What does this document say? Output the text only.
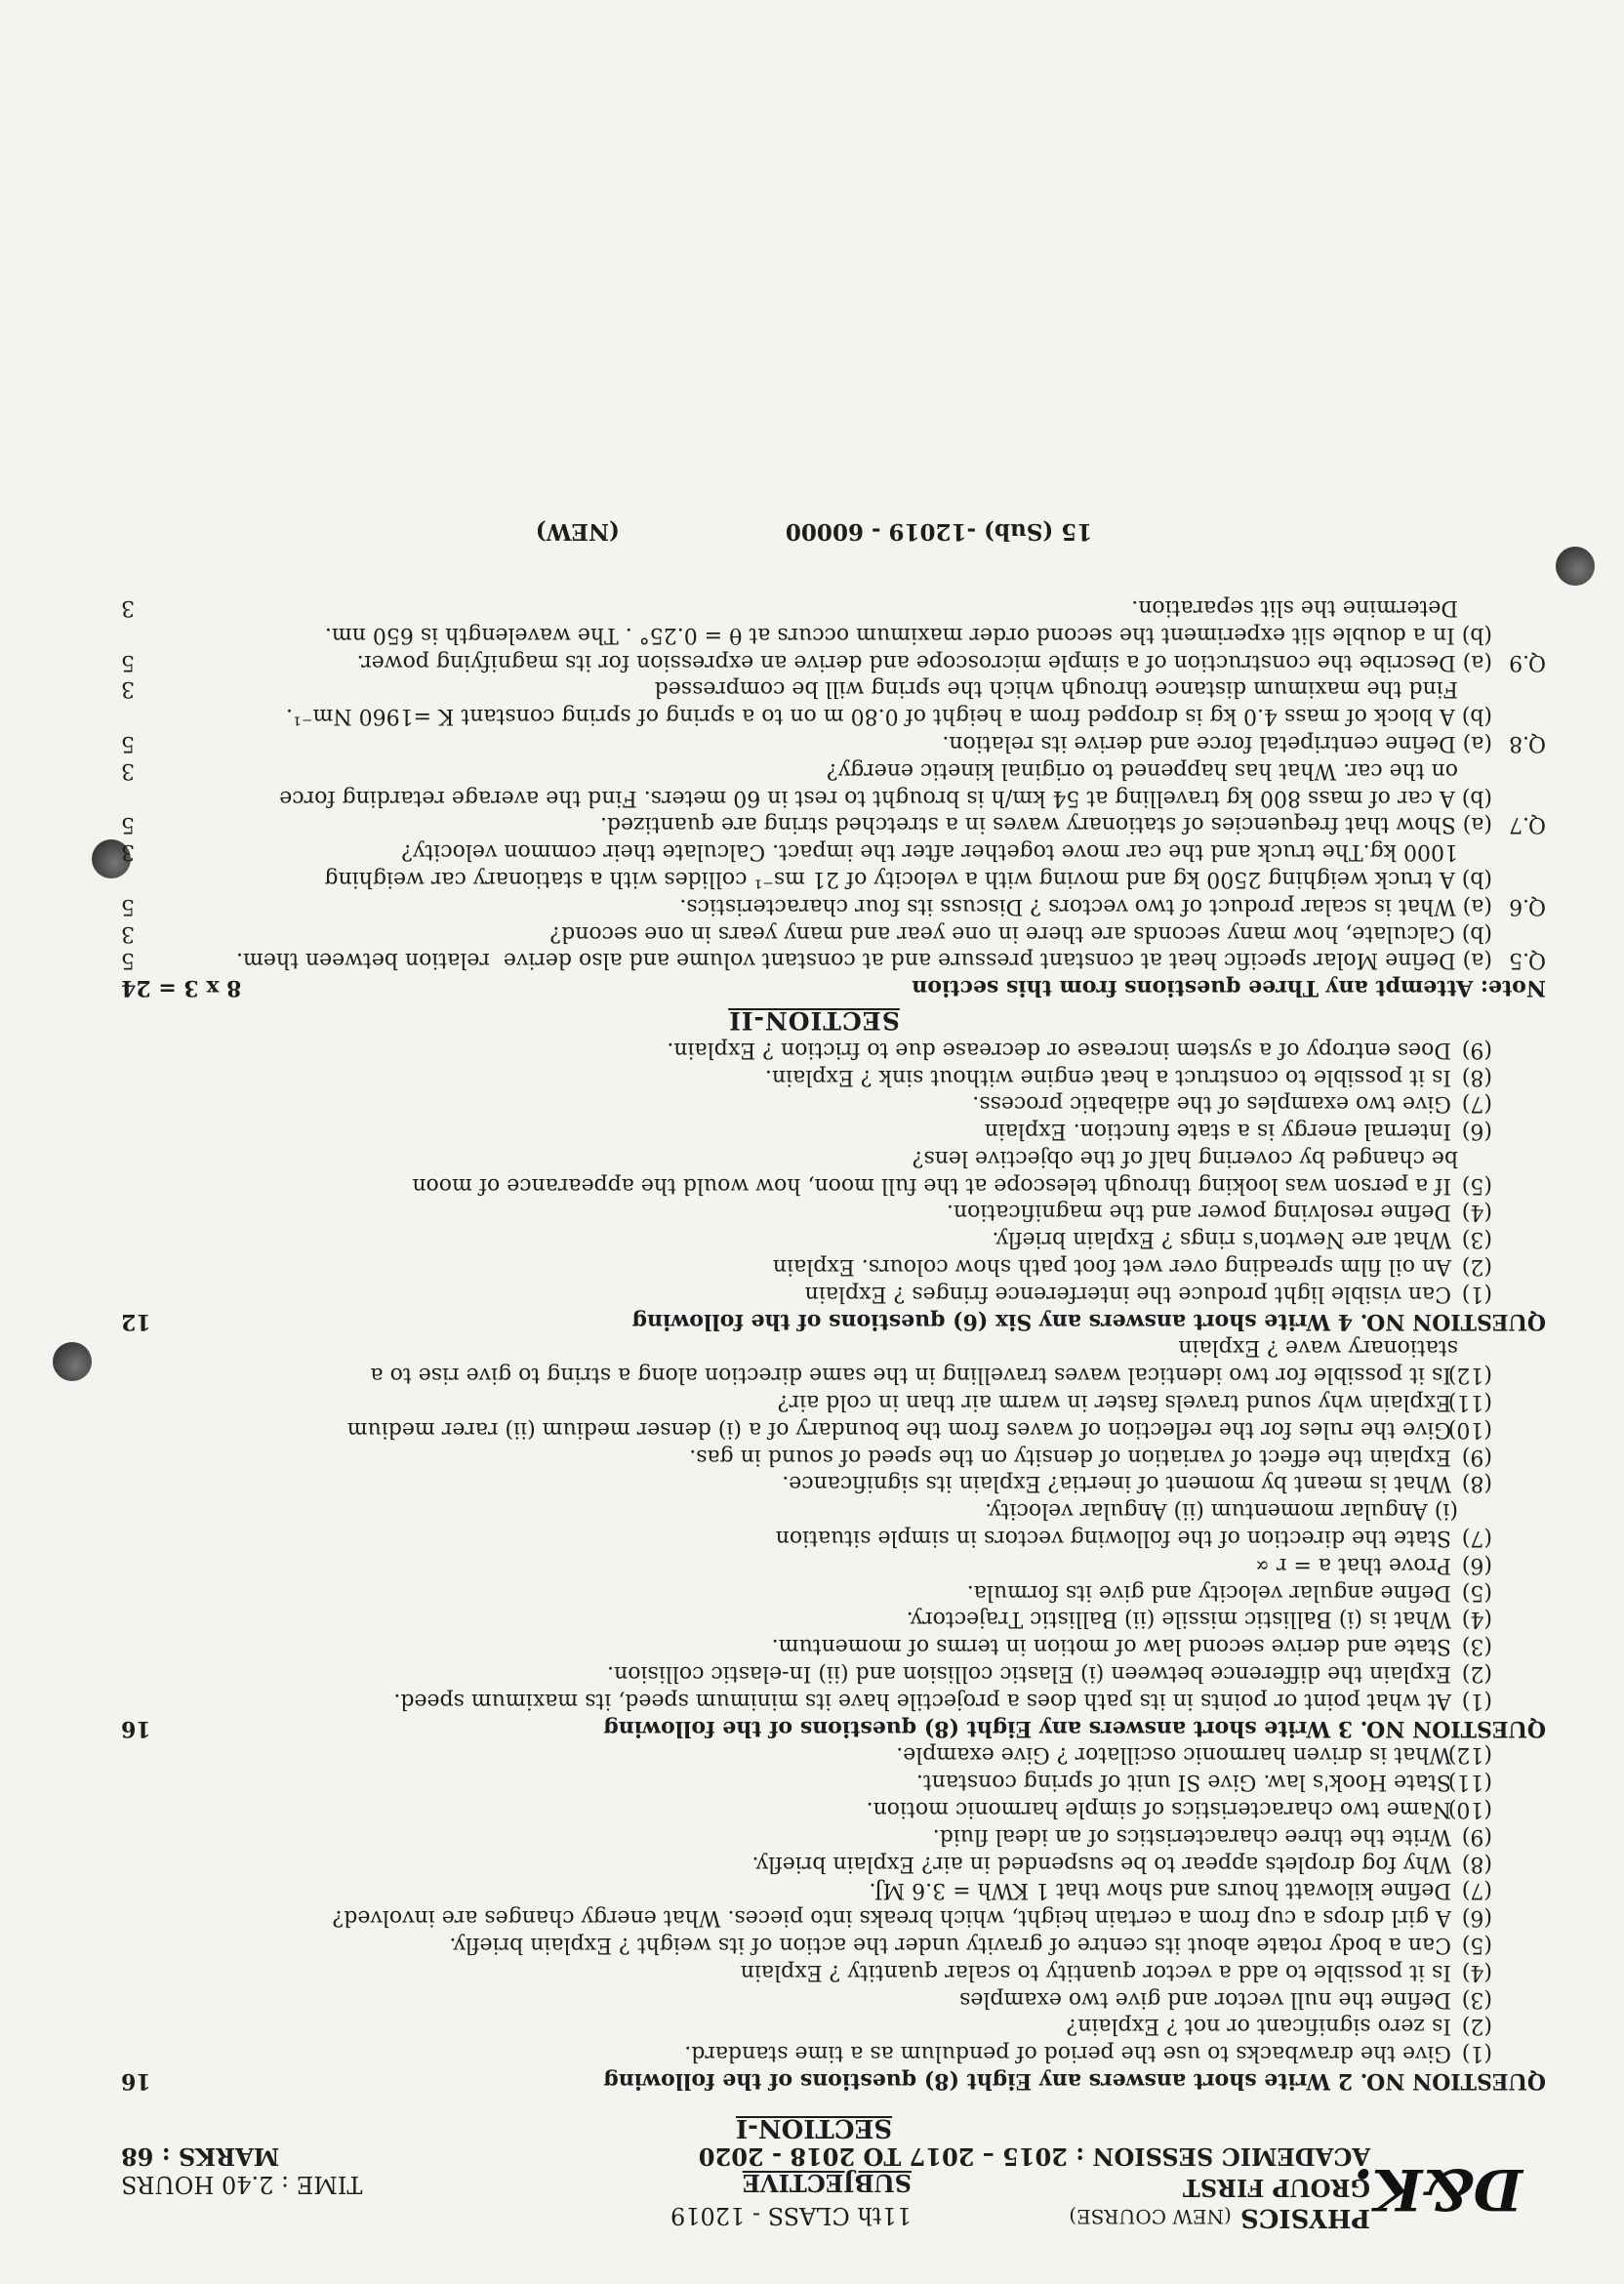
D&K.
PHYSICS (NEW COURSE)
11th CLASS - 12019
GROUP FIRST
SUBJECTIVE
TIME : 2.40 HOURS
ACADEMIC SESSION : 2015 – 2017 TO 2018 - 2020
MARKS : 68
SECTION-I
QUESTION NO. 2 Write short answers any Eight (8) questions of the following
16
(1)Give the drawbacks to use the period of pendulum as a time standard.
(2)Is zero significant or not ? Explain?
(3)Define the null vector and give two examples
(4)Is it possible to add a vector quantity to scalar quantity ? Explain
(5)Can a body rotate about its centre of gravity under the action of its weight ? Explain briefly.
(6)A girl drops a cup from a certain height, which breaks into pieces. What energy changes are involved?
(7)Define kilowatt hours and show that 1 KWh = 3.6 MJ.
(8)Why fog droplets appear to be suspended in air? Explain briefly.
(9)Write the three characteristics of an ideal fluid.
(10)Name two characteristics of simple harmonic motion.
(11)State Hook's law. Give SI unit of spring constant.
(12)What is driven harmonic oscillator ? Give example.
QUESTION NO. 3 Write short answers any Eight (8) questions of the following
16
(1)At what point or points in its path does a projectile have its minimum speed, its maximum speed.
(2)Explain the difference between (i) Elastic collision and (ii) In-elastic collision.
(3)State and derive second law of motion in terms of momentum.
(4)What is (i) Ballistic missile (ii) Ballistic Trajectory.
(5)Define angular velocity and give its formula.
(6)Prove that a = r ∝
(7)State the direction of the following vectors in simple situation
(i) Angular momentum (ii) Angular velocity.
(8)What is meant by moment of inertia? Explain its significance.
(9)Explain the effect of variation of density on the speed of sound in gas.
(10)Give the rules for the reflection of waves from the boundary of a (i) denser medium (ii) rarer medium
(11)Explain why sound travels faster in warm air than in cold air?
(12)Is it possible for two identical waves travelling in the same direction along a string to give rise to a
stationary wave ? Explain
QUESTION NO. 4 Write short answers any Six (6) questions of the following
12
(1)Can visible light produce the interference fringes ? Explain
(2)An oil film spreading over wet foot path show colours. Explain
(3)What are Newton's rings ? Explain briefly.
(4)Define resolving power and the magnification.
(5)If a person was looking through telescope at the full moon, how would the appearance of moon
be changed by covering half of the objective lens?
(6)Internal energy is a state function. Explain
(7)Give two examples of the adiabatic process.
(8)Is it possible to construct a heat engine without sink ? Explain.
(9)Does entropy of a system increase or decrease due to friction ? Explain.
SECTION-II
Note: Attempt any Three questions from this section
8 x 3 = 24
Q.5(a) Define Molar specific heat at constant pressure and at constant volume and also derive  relation between them.
5
(b) Calculate, how many seconds are there in one year and many years in one second?
3
Q.6(a) What is scalar product of two vectors ? Discuss its four characteristics.
5
(b) A truck weighing 2500 kg and moving with a velocity of 21 ms⁻¹ collides with a stationary car weighing
1000 kg.The truck and the car move together after the impact. Calculate their common velocity?
3
Q.7(a) Show that frequencies of stationary waves in a stretched string are quantized.
5
(b) A car of mass 800 kg travelling at 54 km/h is brought to rest in 60 meters. Find the average retarding force
on the car. What has happened to original kinetic energy?
3
Q.8(a) Define centripetal force and derive its relation.
5
(b) A block of mass 4.0 kg is dropped from a height of 0.80 m on to a spring of spring constant K =1960 Nm⁻¹.
Find the maximum distance through which the spring will be compressed
3
Q.9(a) Describe the construction of a simple microscope and derive an expression for its magnifying power.
5
(b) In a double slit experiment the second order maximum occurs at θ = 0.25° . The wavelength is 650 nm.
Determine the slit separation.
3
15 (Sub) -12019 - 60000 (NEW)
